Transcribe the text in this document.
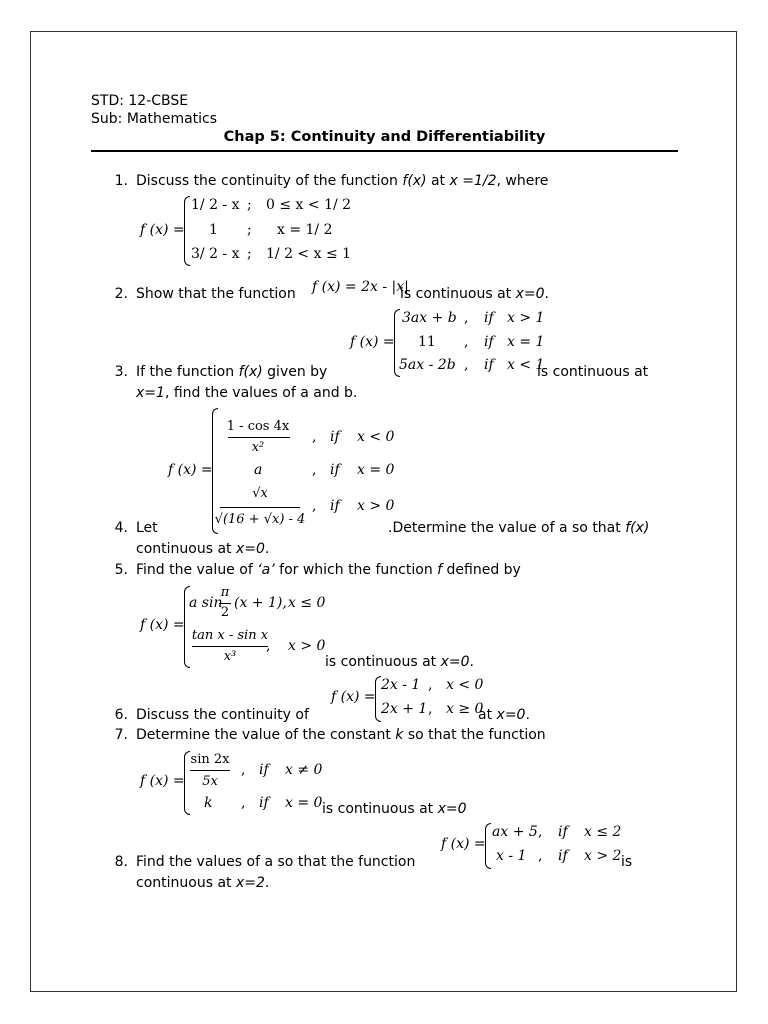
STD: 12-CBSE
Sub: Mathematics
Chap 5: Continuity and Differentiability
1. Discuss the continuity of the function f(x) at x =1/2, where
f (x) =
1/ 2 - x ; 0 ≤ x < 1/ 2
1 ; x = 1/ 2
3/ 2 - x ; 1/ 2 < x ≤ 1
2. Show that the function f (x) = 2x - |x|
is continuous at x=0.
f (x) =
3ax + b , if x > 1
11 , if x = 1
5ax - 2b , if x < 1
3. If the function f(x) given by	is continuous at
x=1, find the values of a and b.
f (x) =
1 - cos 4x
x²
, if x < 0
a	, if x = 0
√x
√(16 + √x) - 4
, if x > 0
4. Let	.Determine the value of a so that f(x)
continuous at x=0.
5. Find the value of ‘a’ for which the function f defined by
f (x) =
a sin
π
2
(x + 1), x ≤ 0
tan x - sin x
x³
, x > 0
is continuous at x=0.
f (x) =
2x - 1 , x < 0
2x + 1 , x ≥ 0
6. Discuss the continuity of	at x=0.
7. Determine the value of the constant k so that the function
f (x) =
sin 2x
5x
, if x ≠ 0
k , if x = 0 is continuous at x=0
f (x) =
ax + 5 , if x ≤ 2
x - 1 , if x > 2
8. Find the values of a so that the function	is
continuous at x=2.
